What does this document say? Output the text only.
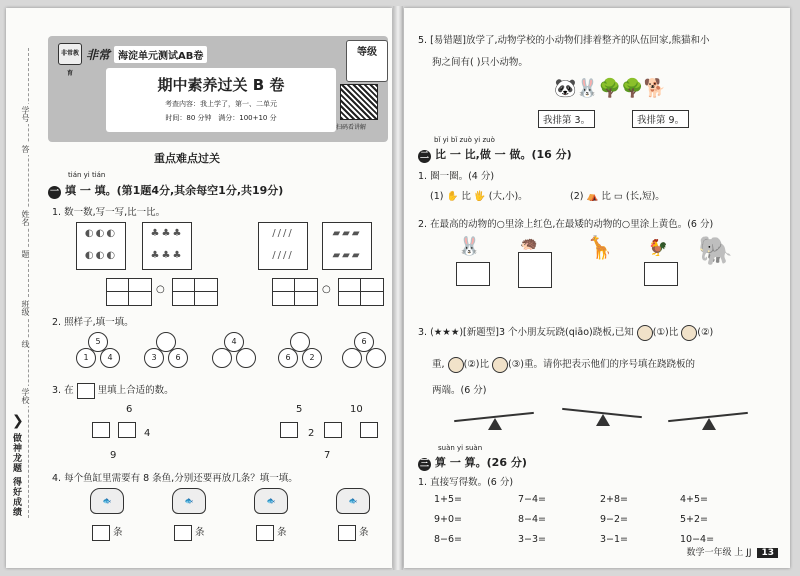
学号
答
姓名
题
班级
线
学校
❯
做神龙题 得好成绩
非常教育
非常 海淀单元测试AB卷	等级
期中素养过关 B 卷
考查内容：我上学了，第一、二单元
时间：80 分钟 满分：100+10 分
扫码看讲解
重点难点过关
tián yi tián
一 填 一 填。(第1题4分,其余每空1分,共19分)
1. 数一数,写一写,比一比。
◐◐◐
◐◐◐
♣♣♣
♣♣♣
////
////
▰▰▰
▰▰▰
○	○
2. 照样子,填一填。
5
1	4	3	6
4
6	2
6
3. 在	里填上合适的数。
6
4
9
5
2
10
7
4. 每个鱼缸里需要有 8 条鱼,分别还要再放几条？填一填。
🐟	🐟	🐟	🐟
条	条	条	条
5. [易错题]放学了,动物学校的小动物们排着整齐的队伍回家,熊猫和小
狗之间有( )只小动物。
🐼🐰🌳🌳🐕
我排第 3。	我排第 9。
bǐ yi bǐ zuò yi zuò
二 比 一 比,做 一 做。(16 分)
1. 圈一圈。(4 分)
(1) ✋ 比 🖐 (大,小)。	(2) ⛺ 比 ▭ (长,短)。
2. 在最高的动物的○里涂上红色,在最矮的动物的○里涂上黄色。(6 分)
🐰	🦔 🦒 🐓 🐘
3. (★★★)[新题型]3 个小朋友玩跷(qiāo)跷板,已知 (①)比 (②)
重, (②)比 (③)重。请你把表示他们的序号填在跷跷板的
两端。(6 分)
suàn yi suàn
三 算 一 算。(26 分)
1. 直接写得数。(6 分)
1+5=	7−4=	2+8=	4+5=
9+0=	8−4=	9−2=	5+2=
8−6=	3−3=	3−1=	10−4=
数学一年级 上 JJ 13
